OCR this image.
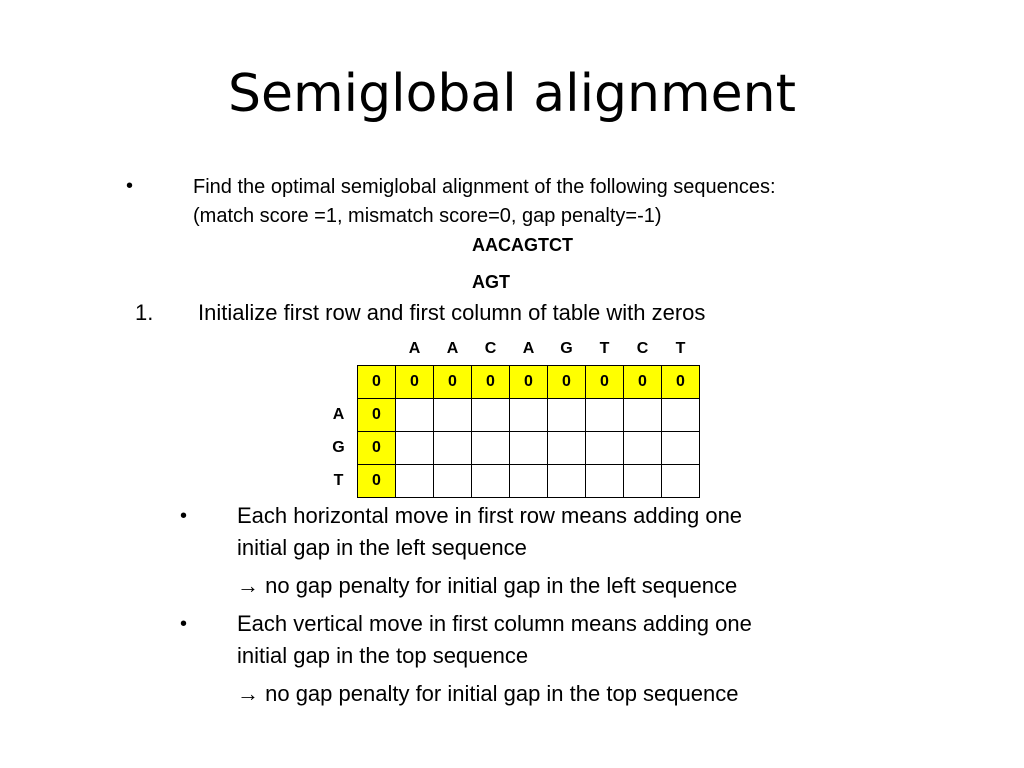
Semiglobal alignment
•	Find the optimal semiglobal alignment of the following sequences:
(match score =1, mismatch score=0, gap penalty=-1)
AACAGTCT
AGT
1. Initialize first row and first column of table with zeros
		A	A	C	A	G	T	C	T
	0	0	0	0	0	0	0	0	0
A	0								
G	0								
T	0								
• Each horizontal move in first row means adding one
initial gap in the left sequence
→ no gap penalty for initial gap in the left sequence
• Each vertical move in first column means adding one
initial gap in the top sequence
→ no gap penalty for initial gap in the top sequence
